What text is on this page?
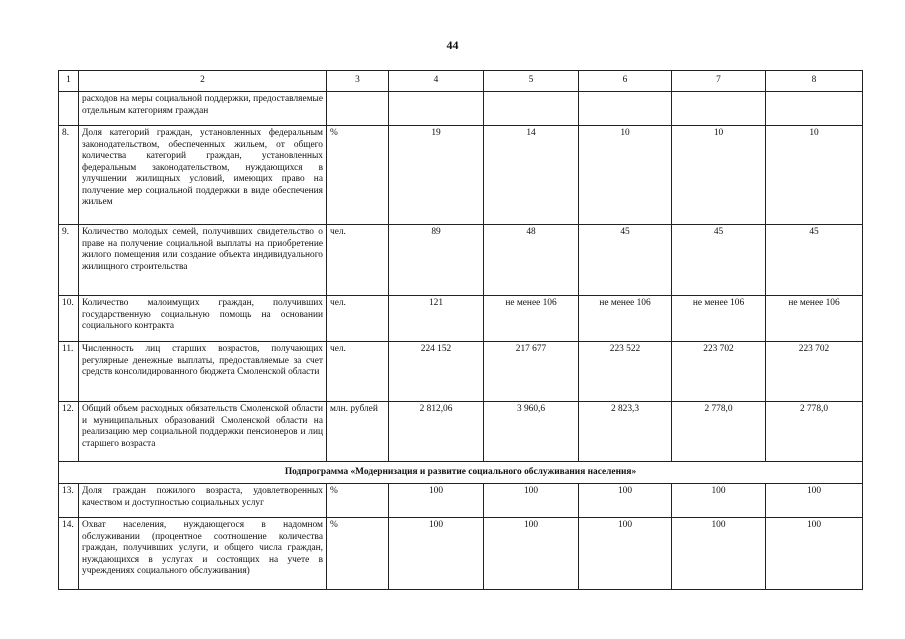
44
1	2	3	4	5	6	7	8
	расходов на меры социальной поддержки, предоставляемые отдельным категориям граждан						
8.	Доля категорий граждан, установленных федеральным законодательством, обеспеченных жильем, от общего количества категорий граждан, установленных федеральным законодательством, нуждающихся в улучшении жилищных условий, имеющих право на получение мер социальной поддержки в виде обеспечения жильем	%	19	14	10	10	10
9.	Количество молодых семей, получивших свидетельство о праве на получение социальной выплаты на приобретение жилого помещения или создание объекта индивидуального жилищного строительства	чел.	89	48	45	45	45
10.	Количество малоимущих граждан, получивших государственную социальную помощь на основании социального контракта	чел.	121	не менее 106	не менее 106	не менее 106	не менее 106
11.	Численность лиц старших возрастов, получающих регулярные денежные выплаты, предоставляемые за счет средств консолидированного бюджета Смоленской области	чел.	224 152	217 677	223 522	223 702	223 702
12.	Общий объем расходных обязательств Смоленской области и муниципальных образований Смоленской области на реализацию мер социальной поддержки пенсионеров и лиц старшего возраста	млн. рублей	2 812,06	3 960,6	2 823,3	2 778,0	2 778,0
Подпрограмма «Модернизация и развитие социального обслуживания населения»							
13.	Доля граждан пожилого возраста, удовлетворенных качеством и доступностью социальных услуг	%	100	100	100	100	100
14.	Охват населения, нуждающегося в надомном обслуживании (процентное соотношение количества граждан, получивших услуги, и общего числа граждан, нуждающихся в услугах и состоящих на учете в учреждениях социального обслуживания)	%	100	100	100	100	100
